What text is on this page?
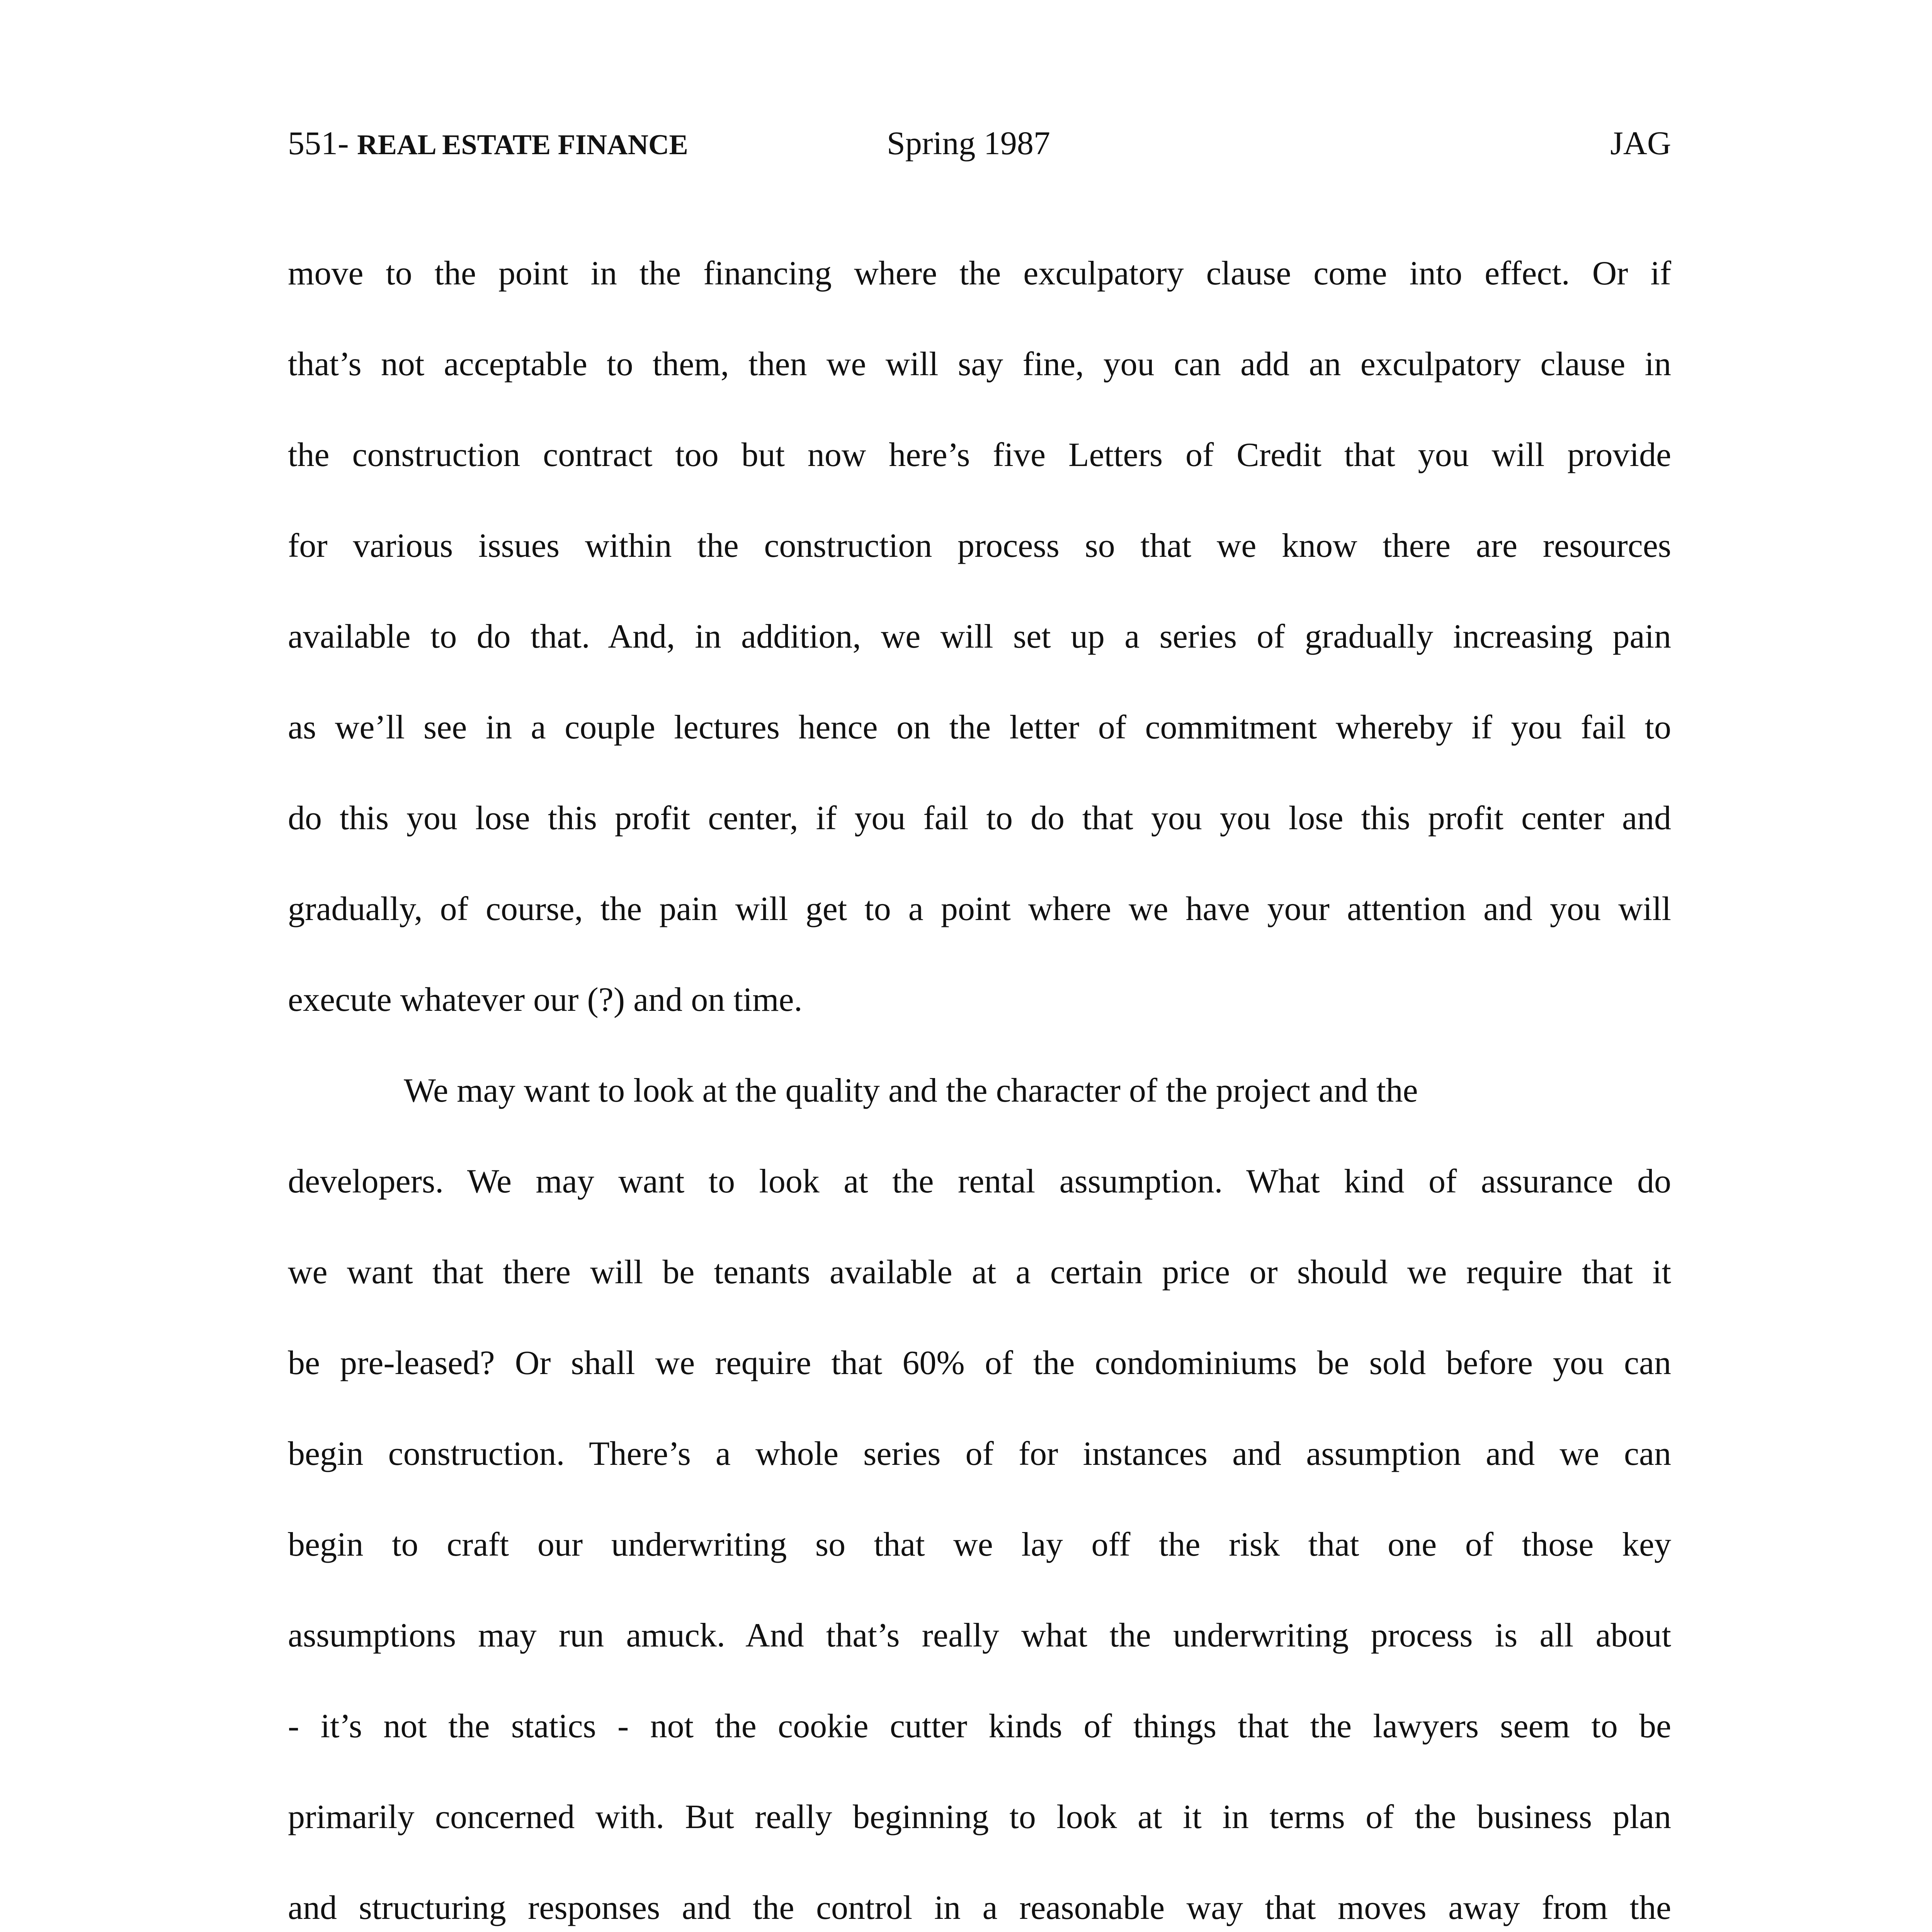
551- REAL ESTATE FINANCE	Spring 1987	JAG
move to the point in the financing where the exculpatory clause come into effect. Or if
that’s not acceptable to them, then we will say fine, you can add an exculpatory clause in
the construction contract too but now here’s five Letters of Credit that you will provide
for various issues within the construction process so that we know there are resources
available to do that. And, in addition, we will set up a series of gradually increasing pain
as we’ll see in a couple lectures hence on the letter of commitment whereby if you fail to
do this you lose this profit center, if you fail to do that you you lose this profit center and
gradually, of course, the pain will get to a point where we have your attention and you will
execute whatever our (?) and on time.
We may want to look at the quality and the character of the project and the
developers. We may want to look at the rental assumption. What kind of assurance do
we want that there will be tenants available at a certain price or should we require that it
be pre-leased? Or shall we require that 60% of the condominiums be sold before you can
begin construction. There’s a whole series of for instances and assumption and we can
begin to craft our underwriting so that we lay off the risk that one of those key
assumptions may run amuck. And that’s really what the underwriting process is all about
- it’s not the statics - not the cookie cutter kinds of things that the lawyers seem to be
primarily concerned with. But really beginning to look at it in terms of the business plan
and structuring responses and the control in a reasonable way that moves away from the
